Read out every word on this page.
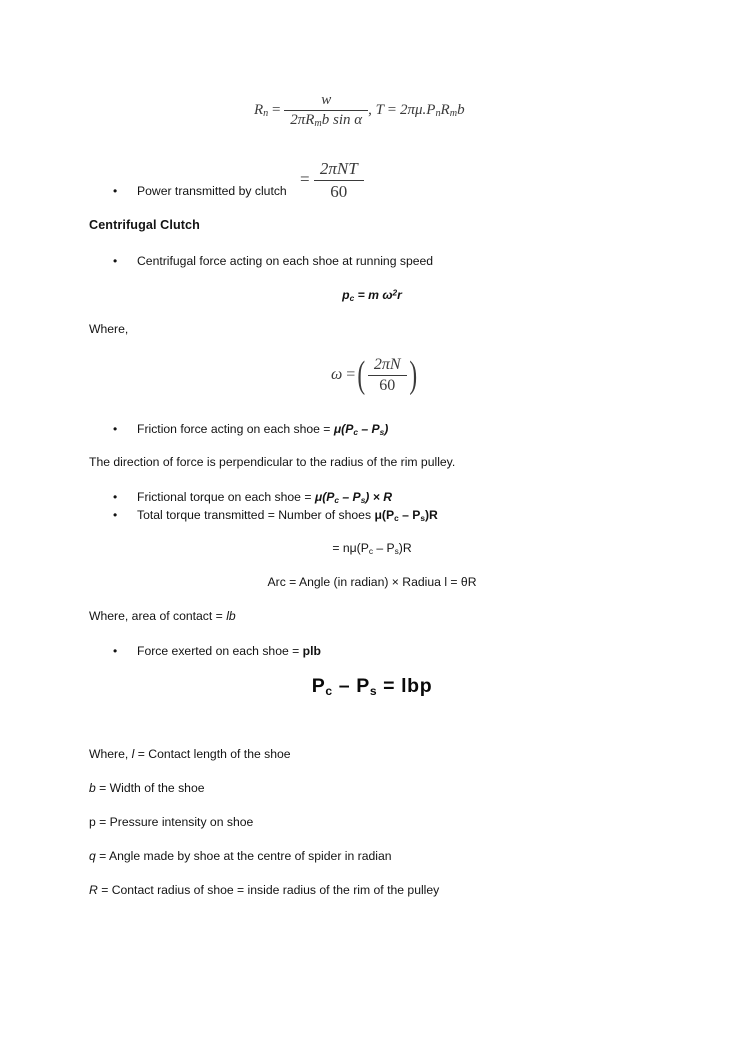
$R_n = \frac{w}{2\pi R_mb \sin \alpha}$ , $T = 2\pi\mu.P_nR_mb$
= $\frac{\text{2πNT}}{60}$
• Power transmitted by clutch
Centrifugal Clutch
• Centrifugal force acting on each shoe at running speed
$p_c = m$ $\omega^2r$
Where,
ω =( $\frac{2\pi N}{60}$ )
• Friction force acting on each shoe = $\mu(P_c - P_s)$
The direction of force is perpendicular to the radius of the rim pulley.
• Frictional torque on each shoe = $\mu(P_c - P_s) \times R$
• Total torque transmitted = Number of shoes $\mu(P_c - P_s)R$
= $n\mu(P_c - P_s)R$
Arc = Angle (in radian) × Radiua l = θR
Where, area of contact = lb
• Force exerted on each shoe = plb
$P_c - P_s$ = lbp
Where, l = Contact length of the shoe
b = Width of the shoe
p = Pressure intensity on shoe
q = Angle made by shoe at the centre of spider in radian
R = Contact radius of shoe = inside radius of the rim of the pulley
